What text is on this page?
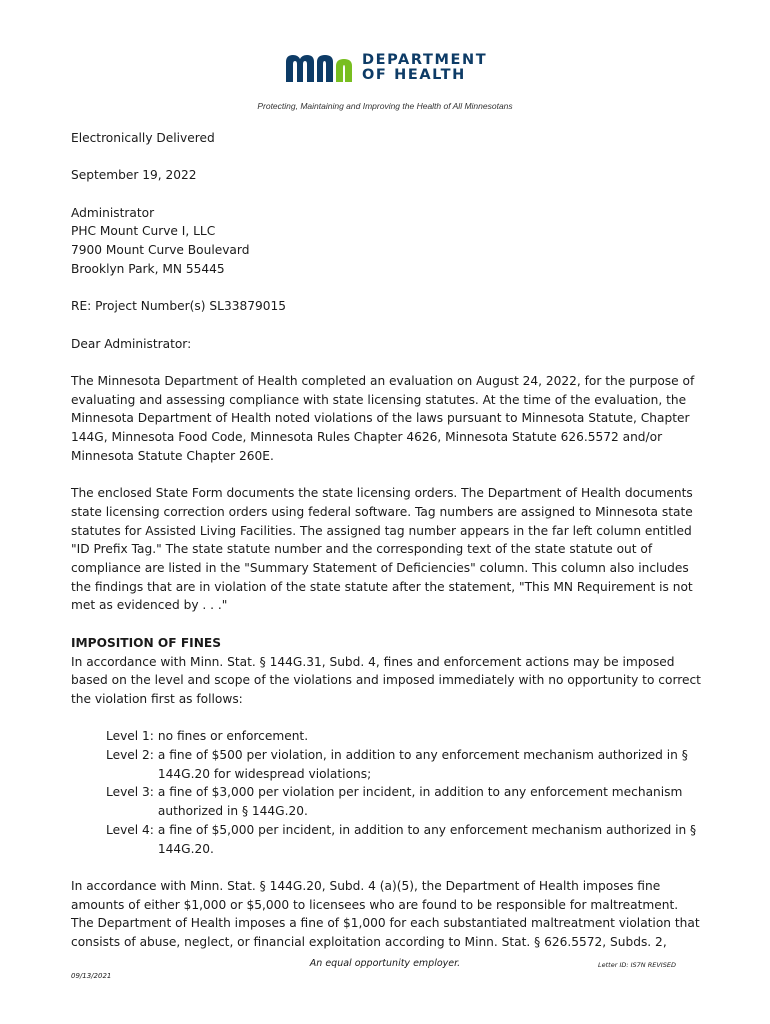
DEPARTMENT
OF HEALTH
Protecting, Maintaining and Improving the Health of All Minnesotans

Electronically Delivered

September 19, 2022

Administrator

PHC Mount Curve I, LLC

7900 Mount Curve Boulevard

Brooklyn Park, MN 55445

RE: Project Number(s) SL33879015

Dear Administrator:

The Minnesota Department of Health completed an evaluation on August 24, 2022, for the purpose of evaluating and assessing compliance with state licensing statutes. At the time of the evaluation, the Minnesota Department of Health noted violations of the laws pursuant to Minnesota Statute, Chapter 144G, Minnesota Food Code, Minnesota Rules Chapter 4626, Minnesota Statute 626.5572 and/or Minnesota Statute Chapter 260E.

The enclosed State Form documents the state licensing orders. The Department of Health documents state licensing correction orders using federal software. Tag numbers are assigned to Minnesota state statutes for Assisted Living Facilities. The assigned tag number appears in the far left column entitled "ID Prefix Tag." The state statute number and the corresponding text of the state statute out of compliance are listed in the "Summary Statement of Deficiencies" column. This column also includes the findings that are in violation of the state statute after the statement, "This MN Requirement is not met as evidenced by . . ."

IMPOSITION OF FINES

In accordance with Minn. Stat. § 144G.31, Subd. 4, fines and enforcement actions may be imposed based on the level and scope of the violations and imposed immediately with no opportunity to correct the violation first as follows:

Level 1: no fines or enforcement.
Level 2: a fine of $500 per violation, in addition to any enforcement mechanism authorized in § 144G.20 for widespread violations;
Level 3: a fine of $3,000 per violation per incident, in addition to any enforcement mechanism authorized in § 144G.20.
Level 4: a fine of $5,000 per incident, in addition to any enforcement mechanism authorized in § 144G.20.

In accordance with Minn. Stat. § 144G.20, Subd. 4 (a)(5), the Department of Health imposes fine amounts of either $1,000 or $5,000 to licensees who are found to be responsible for maltreatment. The Department of Health imposes a fine of $1,000 for each substantiated maltreatment violation that consists of abuse, neglect, or financial exploitation according to Minn. Stat. § 626.5572, Subds. 2,

An equal opportunity employer.	Letter ID: IS7N REVISED
09/13/2021
